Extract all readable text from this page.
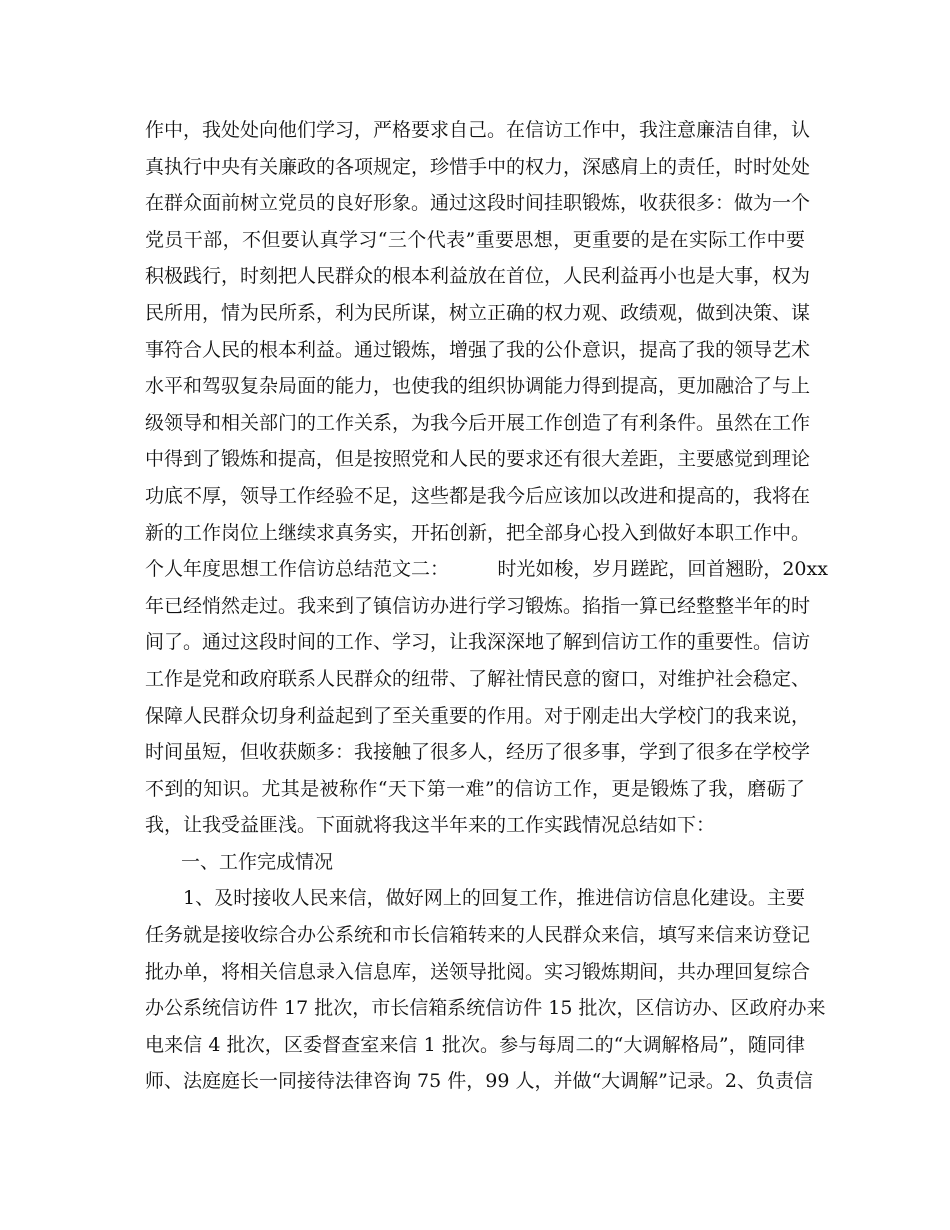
作中，我处处向他们学习，严格要求自己。在信访工作中，我注意廉洁自律，认
真执行中央有关廉政的各项规定，珍惜手中的权力，深感肩上的责任，时时处处
在群众面前树立党员的良好形象。通过这段时间挂职锻炼，收获很多：做为一个
党员干部，不但要认真学习“三个代表”重要思想，更重要的是在实际工作中要
积极践行，时刻把人民群众的根本利益放在首位，人民利益再小也是大事，权为
民所用，情为民所系，利为民所谋，树立正确的权力观、政绩观，做到决策、谋
事符合人民的根本利益。通过锻炼，增强了我的公仆意识，提高了我的领导艺术
水平和驾驭复杂局面的能力，也使我的组织协调能力得到提高，更加融洽了与上
级领导和相关部门的工作关系，为我今后开展工作创造了有利条件。虽然在工作
中得到了锻炼和提高，但是按照党和人民的要求还有很大差距，主要感觉到理论
功底不厚，领导工作经验不足，这些都是我今后应该加以改进和提高的，我将在
新的工作岗位上继续求真务实，开拓创新，把全部身心投入到做好本职工作中。
个人年度思想工作信访总结范文二：        时光如梭，岁月蹉跎，回首翘盼，20xx
年已经悄然走过。我来到了镇信访办进行学习锻炼。掐指一算已经整整半年的时
间了。通过这段时间的工作、学习，让我深深地了解到信访工作的重要性。信访
工作是党和政府联系人民群众的纽带、了解社情民意的窗口，对维护社会稳定、
保障人民群众切身利益起到了至关重要的作用。对于刚走出大学校门的我来说，
时间虽短，但收获颇多：我接触了很多人，经历了很多事，学到了很多在学校学
不到的知识。尤其是被称作“天下第一难”的信访工作，更是锻炼了我，磨砺了
我，让我受益匪浅。下面就将我这半年来的工作实践情况总结如下：
一、工作完成情况
1、及时接收人民来信，做好网上的回复工作，推进信访信息化建设。主要
任务就是接收综合办公系统和市长信箱转来的人民群众来信，填写来信来访登记
批办单，将相关信息录入信息库，送领导批阅。实习锻炼期间，共办理回复综合
办公系统信访件 17 批次，市长信箱系统信访件 15 批次，区信访办、区政府办来
电来信 4 批次，区委督查室来信 1 批次。参与每周二的“大调解格局”，随同律
师、法庭庭长一同接待法律咨询 75 件，99 人，并做“大调解”记录。2、负责信
